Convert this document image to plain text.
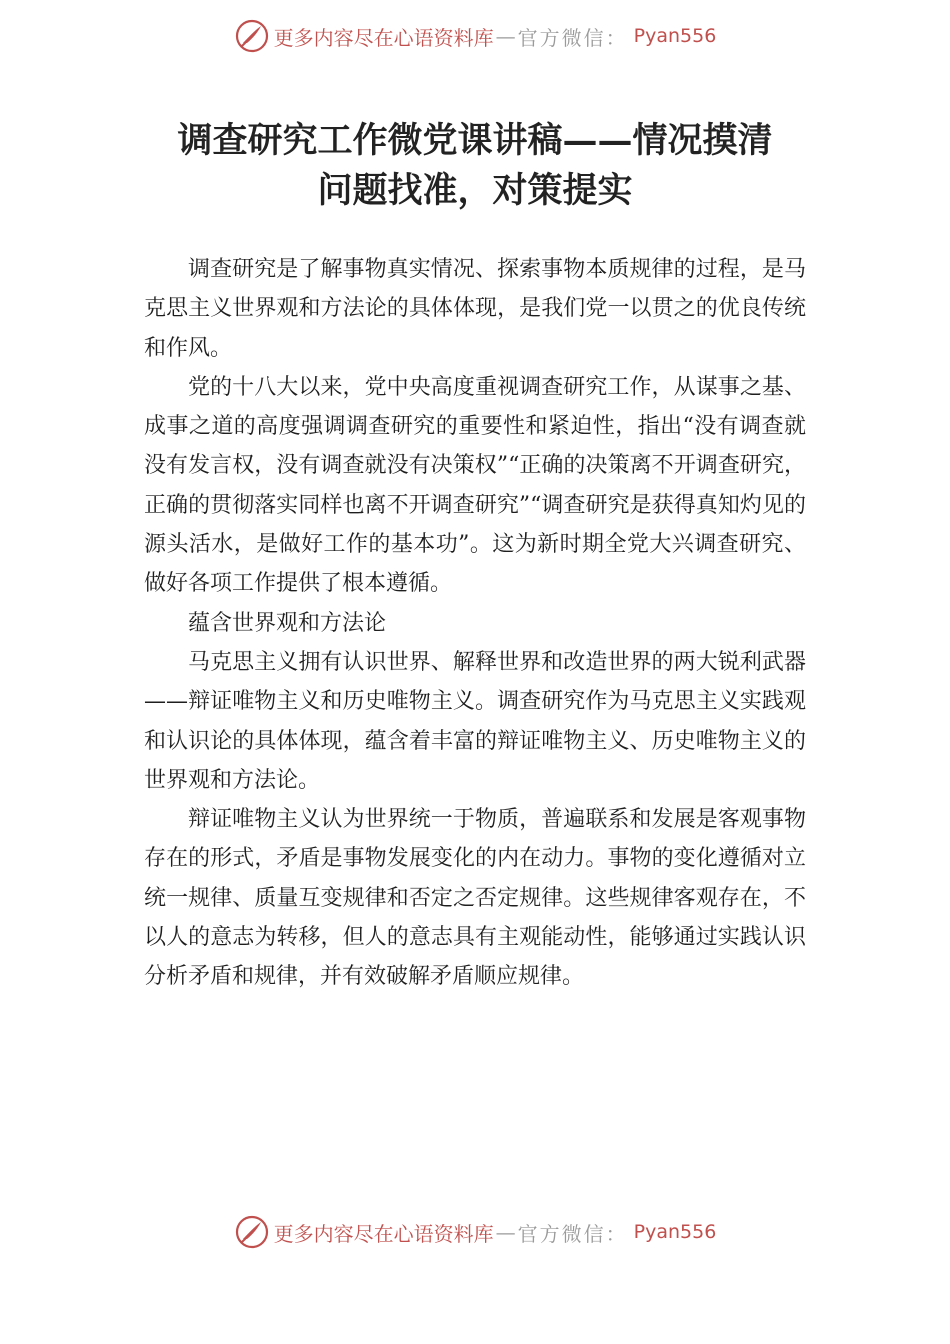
更多内容尽在心语资料库 — 官方微信： Pyan556
调查研究工作微党课讲稿——情况摸清
问题找准，对策提实

调查研究是了解事物真实情况、探索事物本质规律的过程，是马克思主义世界观和方法论的具体体现，是我们党一以贯之的优良传统和作风。

党的十八大以来，党中央高度重视调查研究工作，从谋事之基、成事之道的高度强调调查研究的重要性和紧迫性，指出“没有调查就没有发言权，没有调查就没有决策权”“正确的决策离不开调查研究，正确的贯彻落实同样也离不开调查研究”“调查研究是获得真知灼见的源头活水，是做好工作的基本功”。这为新时期全党大兴调查研究、做好各项工作提供了根本遵循。

蕴含世界观和方法论

马克思主义拥有认识世界、解释世界和改造世界的两大锐利武器——辩证唯物主义和历史唯物主义。调查研究作为马克思主义实践观和认识论的具体体现，蕴含着丰富的辩证唯物主义、历史唯物主义的世界观和方法论。

辩证唯物主义认为世界统一于物质，普遍联系和发展是客观事物存在的形式，矛盾是事物发展变化的内在动力。事物的变化遵循对立统一规律、质量互变规律和否定之否定规律。这些规律客观存在，不以人的意志为转移，但人的意志具有主观能动性，能够通过实践认识分析矛盾和规律，并有效破解矛盾顺应规律。

更多内容尽在心语资料库 — 官方微信： Pyan556
